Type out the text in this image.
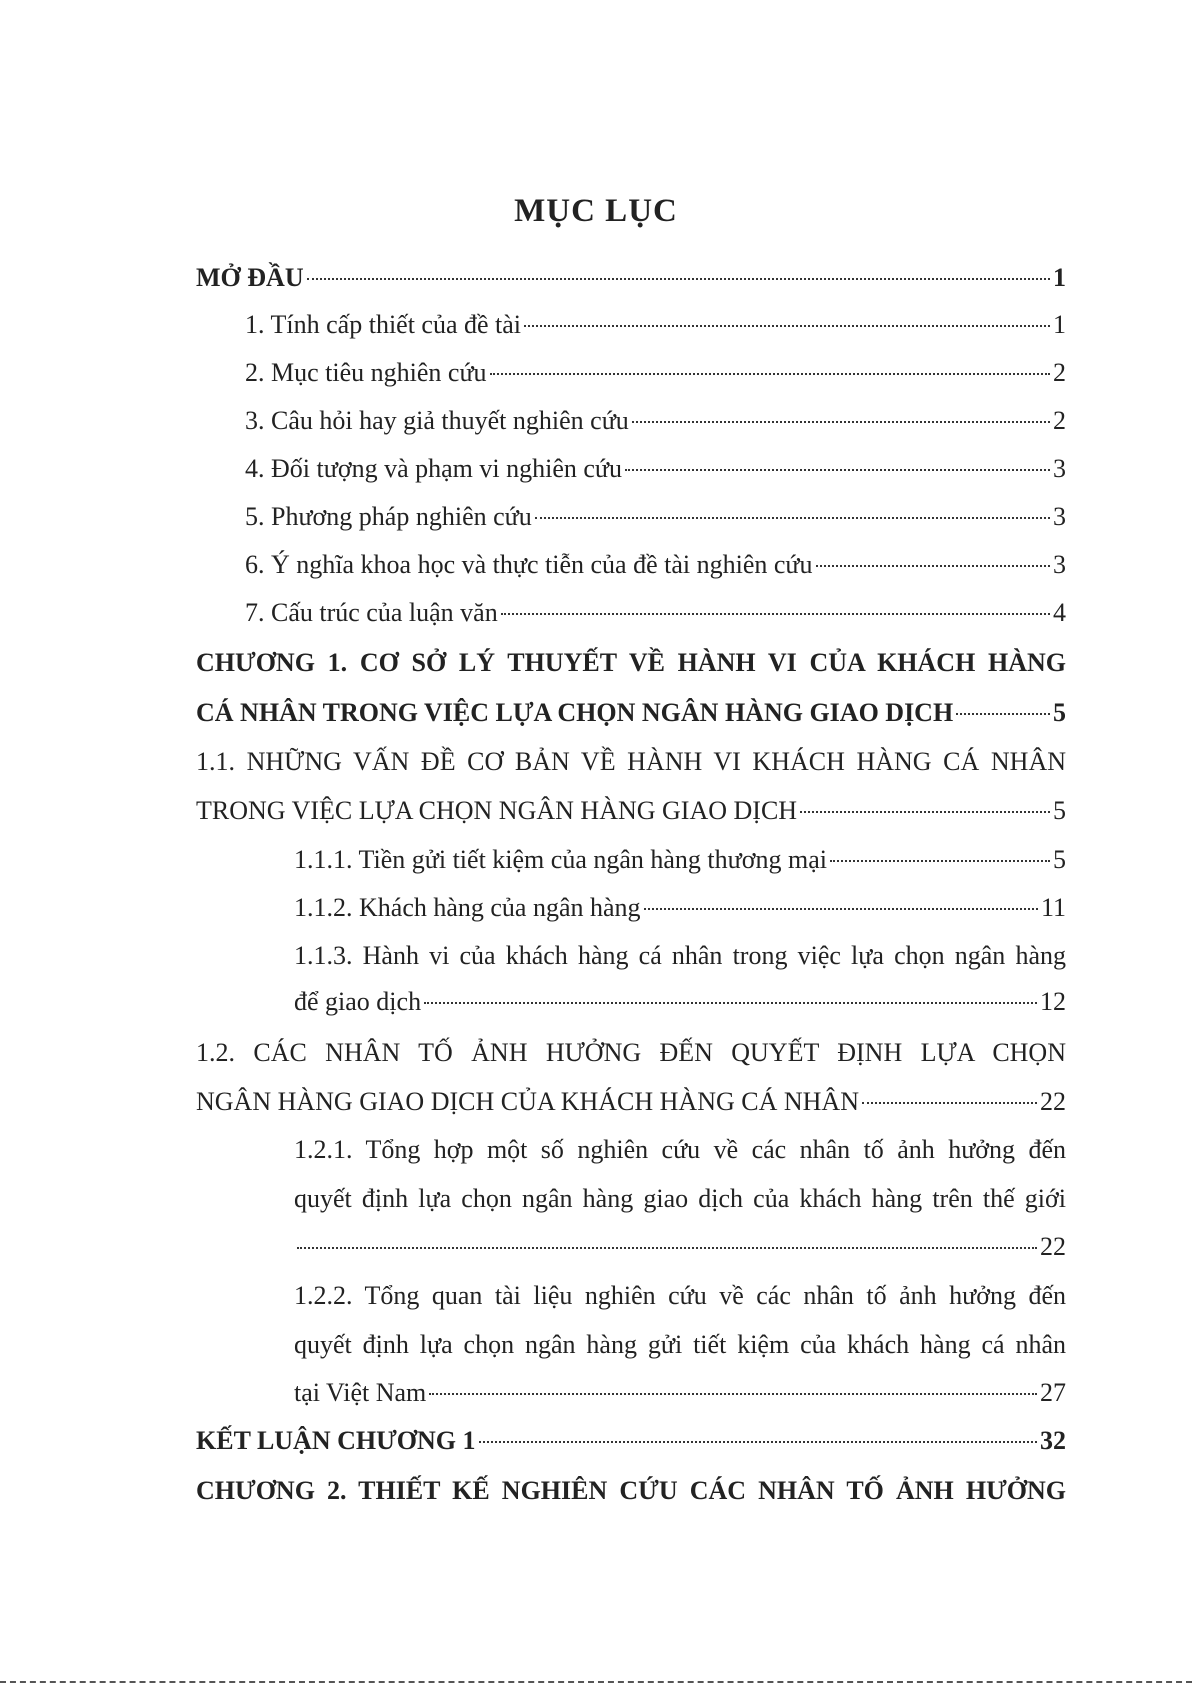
MỤC LỤC
MỞ ĐẦU	1
1. Tính cấp thiết của đề tài	1
2. Mục tiêu nghiên cứu	2
3. Câu hỏi hay giả thuyết nghiên cứu	2
4. Đối tượng và phạm vi nghiên cứu	3
5. Phương pháp nghiên cứu	3
6. Ý nghĩa khoa học và thực tiễn của đề tài nghiên cứu	3
7. Cấu trúc của luận văn	4
CHƯƠNG 1. CƠ SỞ LÝ THUYẾT VỀ HÀNH VI CỦA KHÁCH HÀNG
CÁ NHÂN TRONG VIỆC LỰA CHỌN NGÂN HÀNG GIAO DỊCH	5
1.1. NHỮNG VẤN ĐỀ CƠ BẢN VỀ HÀNH VI KHÁCH HÀNG CÁ NHÂN
TRONG VIỆC LỰA CHỌN NGÂN HÀNG GIAO DỊCH	5
1.1.1. Tiền gửi tiết kiệm của ngân hàng thương mại	5
1.1.2. Khách hàng của ngân hàng	11
1.1.3. Hành vi của khách hàng cá nhân trong việc lựa chọn ngân hàng
để giao dịch	12
1.2. CÁC NHÂN TỐ ẢNH HƯỞNG ĐẾN QUYẾT ĐỊNH LỰA CHỌN
NGÂN HÀNG GIAO DỊCH CỦA KHÁCH HÀNG CÁ NHÂN	22
1.2.1. Tổng hợp một số nghiên cứu về các nhân tố ảnh hưởng đến
quyết định lựa chọn ngân hàng giao dịch của khách hàng trên thế giới
22
1.2.2. Tổng quan tài liệu nghiên cứu về các nhân tố ảnh hưởng đến
quyết định lựa chọn ngân hàng gửi tiết kiệm của khách hàng cá nhân
tại Việt Nam	27
KẾT LUẬN CHƯƠNG 1	32
CHƯƠNG 2. THIẾT KẾ NGHIÊN CỨU CÁC NHÂN TỐ ẢNH HƯỞNG
